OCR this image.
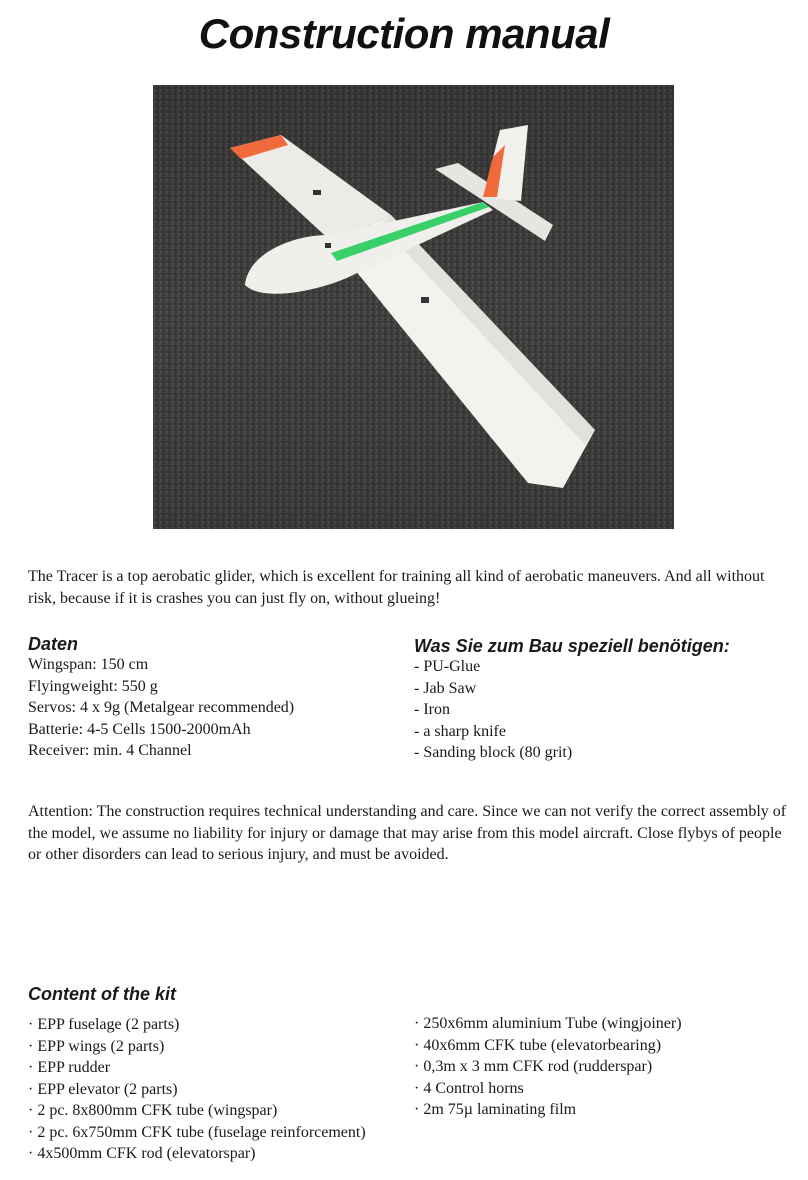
Construction manual
The Tracer is a top aerobatic glider, which is excellent for training all kind of aerobatic maneuvers. And all without risk, because if it is crashes you can just fly on, without glueing!
Daten
Wingspan: 150 cm
Flyingweight: 550 g
Servos: 4 x 9g (Metalgear recommended)
Batterie: 4-5 Cells 1500-2000mAh
Receiver: min. 4 Channel
Was Sie zum Bau speziell benötigen:
- PU-Glue
- Jab Saw
- Iron
- a sharp knife
- Sanding block (80 grit)
Attention: The construction requires technical understanding and care. Since we can not verify the correct assembly of the model, we assume no liability for injury or damage that may arise from this model aircraft. Close flybys of people or other disorders can lead to serious injury, and must be avoided.
Content of the kit
· EPP fuselage (2 parts)
· EPP wings (2 parts)
· EPP rudder
· EPP elevator (2 parts)
· 2 pc. 8x800mm CFK tube (wingspar)
· 2 pc. 6x750mm CFK tube (fuselage reinforcement)
· 4x500mm CFK rod (elevatorspar)
· 250x6mm aluminium Tube (wingjoiner)
· 40x6mm CFK tube (elevatorbearing)
· 0,3m x 3 mm CFK rod (rudderspar)
· 4 Control horns
· 2m 75µ laminating film
